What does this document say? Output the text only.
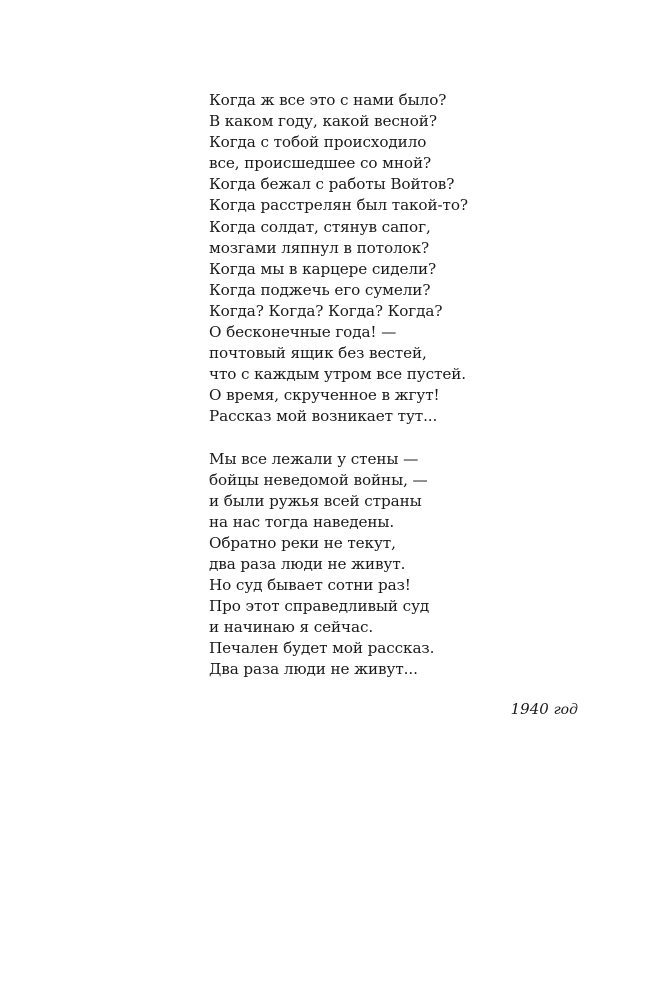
Когда ж все это с нами было?
В каком году, какой весной?
Когда с тобой происходило
все, происшедшее со мной?
Когда бежал с работы Войтов?
Когда расстрелян был такой-то?
Когда солдат, стянув сапог,
мозгами ляпнул в потолок?
Когда мы в карцере сидели?
Когда поджечь его сумели?
Когда? Когда? Когда? Когда?
О бесконечные года! —
почтовый ящик без вестей,
что с каждым утром все пустей.
О время, скрученное в жгут!
Рассказ мой возникает тут...
Мы все лежали у стены —
бойцы неведомой войны, —
и были ружья всей страны
на нас тогда наведены.
Обратно реки не текут,
два раза люди не живут.
Но суд бывает сотни раз!
Про этот справедливый суд
и начинаю я сейчас.
Печален будет мой рассказ.
Два раза люди не живут...
1940 год
